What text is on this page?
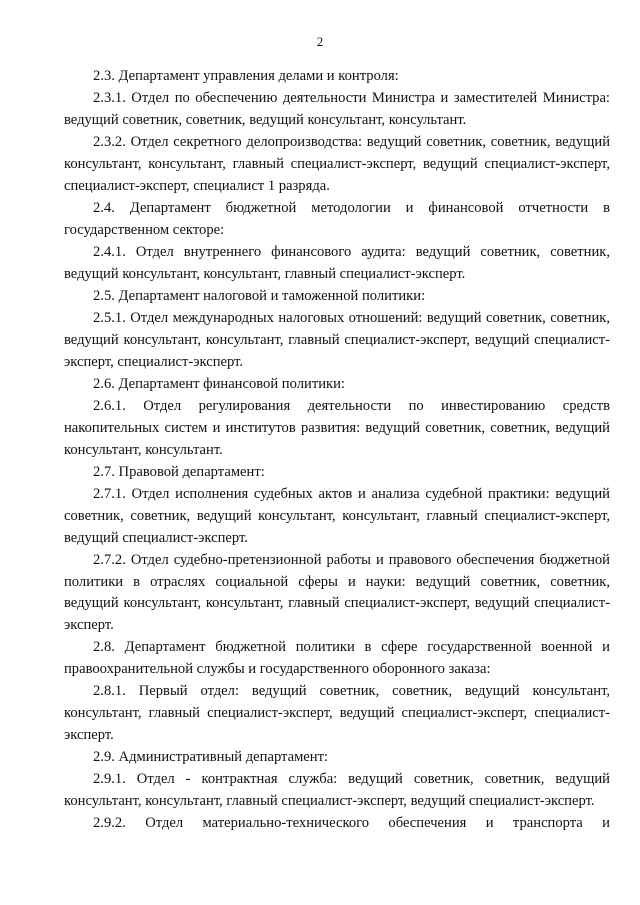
2

2.3. Департамент управления делами и контроля:

2.3.1. Отдел по обеспечению деятельности Министра и заместителей Министра: ведущий советник, советник, ведущий консультант, консультант.

2.3.2. Отдел секретного делопроизводства: ведущий советник, советник, ведущий консультант, консультант, главный специалист-эксперт, ведущий специалист-эксперт, специалист-эксперт, специалист 1 разряда.

2.4. Департамент бюджетной методологии и финансовой отчетности в государственном секторе:

2.4.1. Отдел внутреннего финансового аудита: ведущий советник, советник, ведущий консультант, консультант, главный специалист-эксперт.

2.5. Департамент налоговой и таможенной политики:

2.5.1. Отдел международных налоговых отношений: ведущий советник, советник, ведущий консультант, консультант, главный специалист-эксперт, ведущий специалист-эксперт, специалист-эксперт.

2.6. Департамент финансовой политики:

2.6.1. Отдел регулирования деятельности по инвестированию средств накопительных систем и институтов развития: ведущий советник, советник, ведущий консультант, консультант.

2.7. Правовой департамент:

2.7.1. Отдел исполнения судебных актов и анализа судебной практики: ведущий советник, советник, ведущий консультант, консультант, главный специалист-эксперт, ведущий специалист-эксперт.

2.7.2. Отдел судебно-претензионной работы и правового обеспечения бюджетной политики в отраслях социальной сферы и науки: ведущий советник, советник, ведущий консультант, консультант, главный специалист-эксперт, ведущий специалист-эксперт.

2.8. Департамент бюджетной политики в сфере государственной военной и правоохранительной службы и государственного оборонного заказа:

2.8.1. Первый отдел: ведущий советник, советник, ведущий консультант, консультант, главный специалист-эксперт, ведущий специалист-эксперт, специалист-эксперт.

2.9. Административный департамент:

2.9.1. Отдел - контрактная служба: ведущий советник, советник, ведущий консультант, консультант, главный специалист-эксперт, ведущий специалист-эксперт.

2.9.2. Отдел материально-технического обеспечения и транспорта и
